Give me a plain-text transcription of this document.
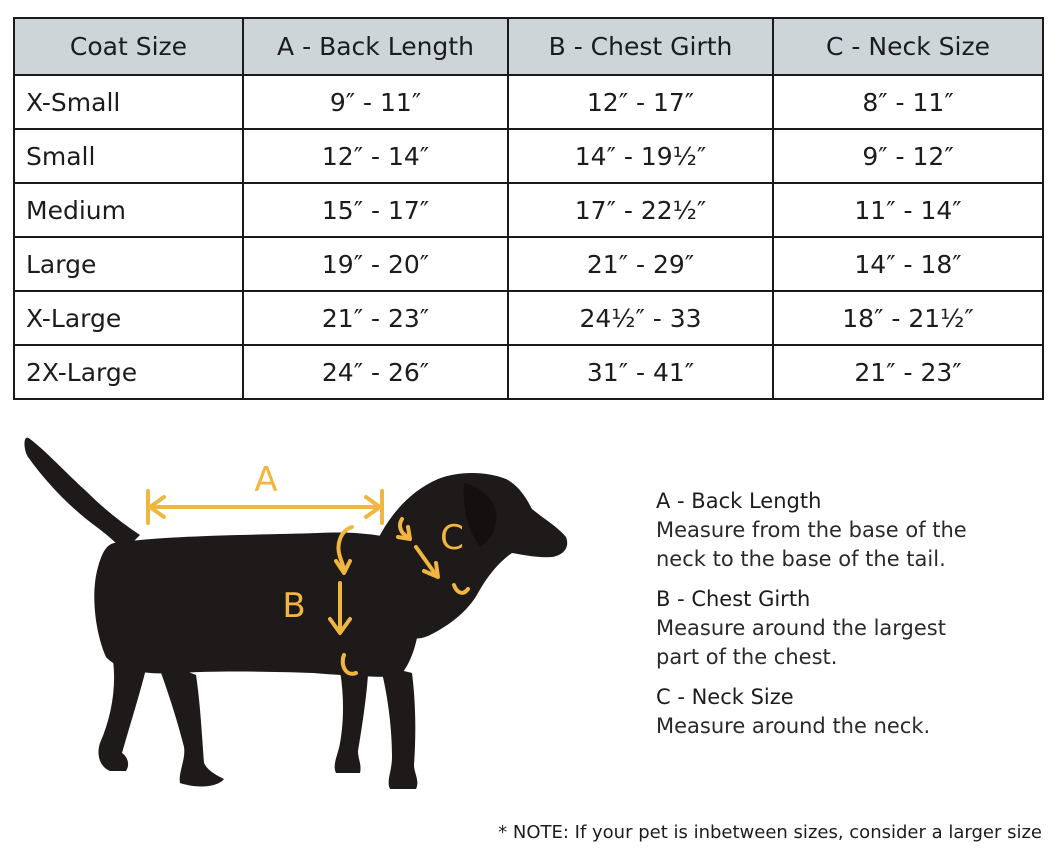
Coat Size	A - Back Length	B - Chest Girth	C - Neck Size
X-Small	9″ - 11″	12″ - 17″	8″ - 11″
Small	12″ - 14″	14″ - 19½″	9″ - 12″
Medium	15″ - 17″	17″ - 22½″	11″ - 14″
Large	19″ - 20″	21″ - 29″	14″ - 18″
X-Large	21″ - 23″	24½″ - 33	18″ - 21½″
2X-Large	24″ - 26″	31″ - 41″	21″ - 23″
A
B
C
A - Back Length
Measure from the base of the
neck to the base of the tail.
B - Chest Girth
Measure around the largest
part of the chest.
C - Neck Size
Measure around the neck.
* NOTE: If your pet is inbetween sizes, consider a larger size
